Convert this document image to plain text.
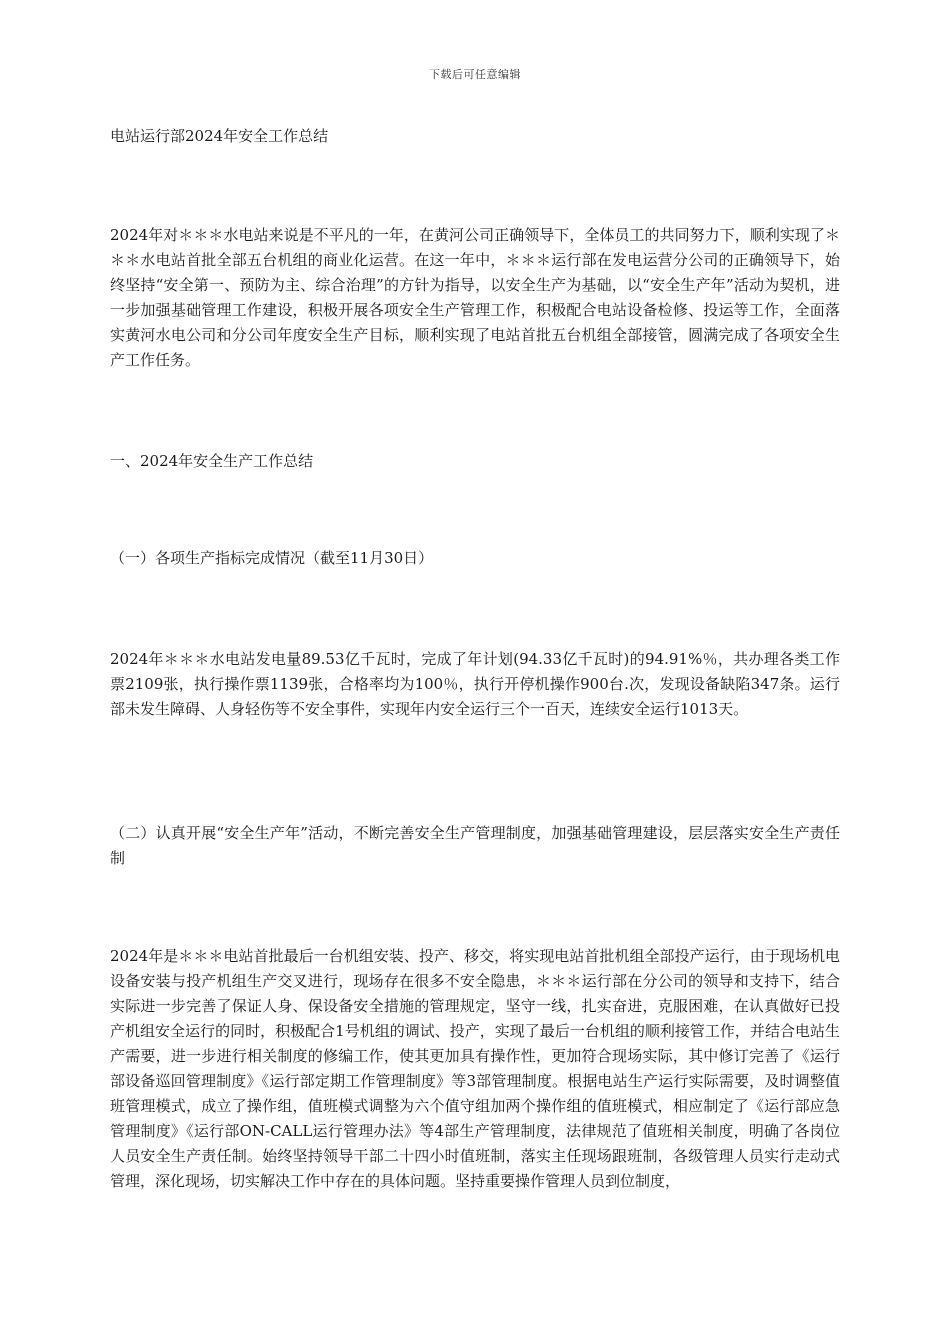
下载后可任意编辑
电站运行部2024年安全工作总结
2024年对＊＊＊水电站来说是不平凡的一年，在黄河公司正确领导下，全体员工的共同努力下，顺利实现了＊＊＊水电站首批全部五台机组的商业化运营。在这一年中，＊＊＊运行部在发电运营分公司的正确领导下，始终坚持“安全第一、预防为主、综合治理”的方针为指导，以安全生产为基础，以“安全生产年”活动为契机，进一步加强基础管理工作建设，积极开展各项安全生产管理工作，积极配合电站设备检修、投运等工作，全面落实黄河水电公司和分公司年度安全生产目标，顺利实现了电站首批五台机组全部接管，圆满完成了各项安全生产工作任务。
一、2024年安全生产工作总结
（一）各项生产指标完成情况（截至11月30日）
2024年＊＊＊水电站发电量89.53亿千瓦时，完成了年计划(94.33亿千瓦时)的94.91%％，共办理各类工作票2109张，执行操作票1139张，合格率均为100％，执行开停机操作900台.次，发现设备缺陷347条。运行部未发生障碍、人身轻伤等不安全事件，实现年内安全运行三个一百天，连续安全运行1013天。
（二）认真开展“安全生产年”活动，不断完善安全生产管理制度，加强基础管理建设，层层落实安全生产责任制
2024年是＊＊＊电站首批最后一台机组安装、投产、移交，将实现电站首批机组全部投产运行，由于现场机电设备安装与投产机组生产交叉进行，现场存在很多不安全隐患，＊＊＊运行部在分公司的领导和支持下，结合实际进一步完善了保证人身、保设备安全措施的管理规定，坚守一线，扎实奋进，克服困难，在认真做好已投产机组安全运行的同时，积极配合1号机组的调试、投产，实现了最后一台机组的顺利接管工作，并结合电站生产需要，进一步进行相关制度的修编工作，使其更加具有操作性，更加符合现场实际，其中修订完善了《运行部设备巡回管理制度》《运行部定期工作管理制度》等3部管理制度。根据电站生产运行实际需要，及时调整值班管理模式，成立了操作组，值班模式调整为六个值守组加两个操作组的值班模式，相应制定了《运行部应急管理制度》《运行部ON-CALL运行管理办法》等4部生产管理制度，法律规范了值班相关制度，明确了各岗位人员安全生产责任制。始终坚持领导干部二十四小时值班制，落实主任现场跟班制，各级管理人员实行走动式管理，深化现场，切实解决工作中存在的具体问题。坚持重要操作管理人员到位制度，
